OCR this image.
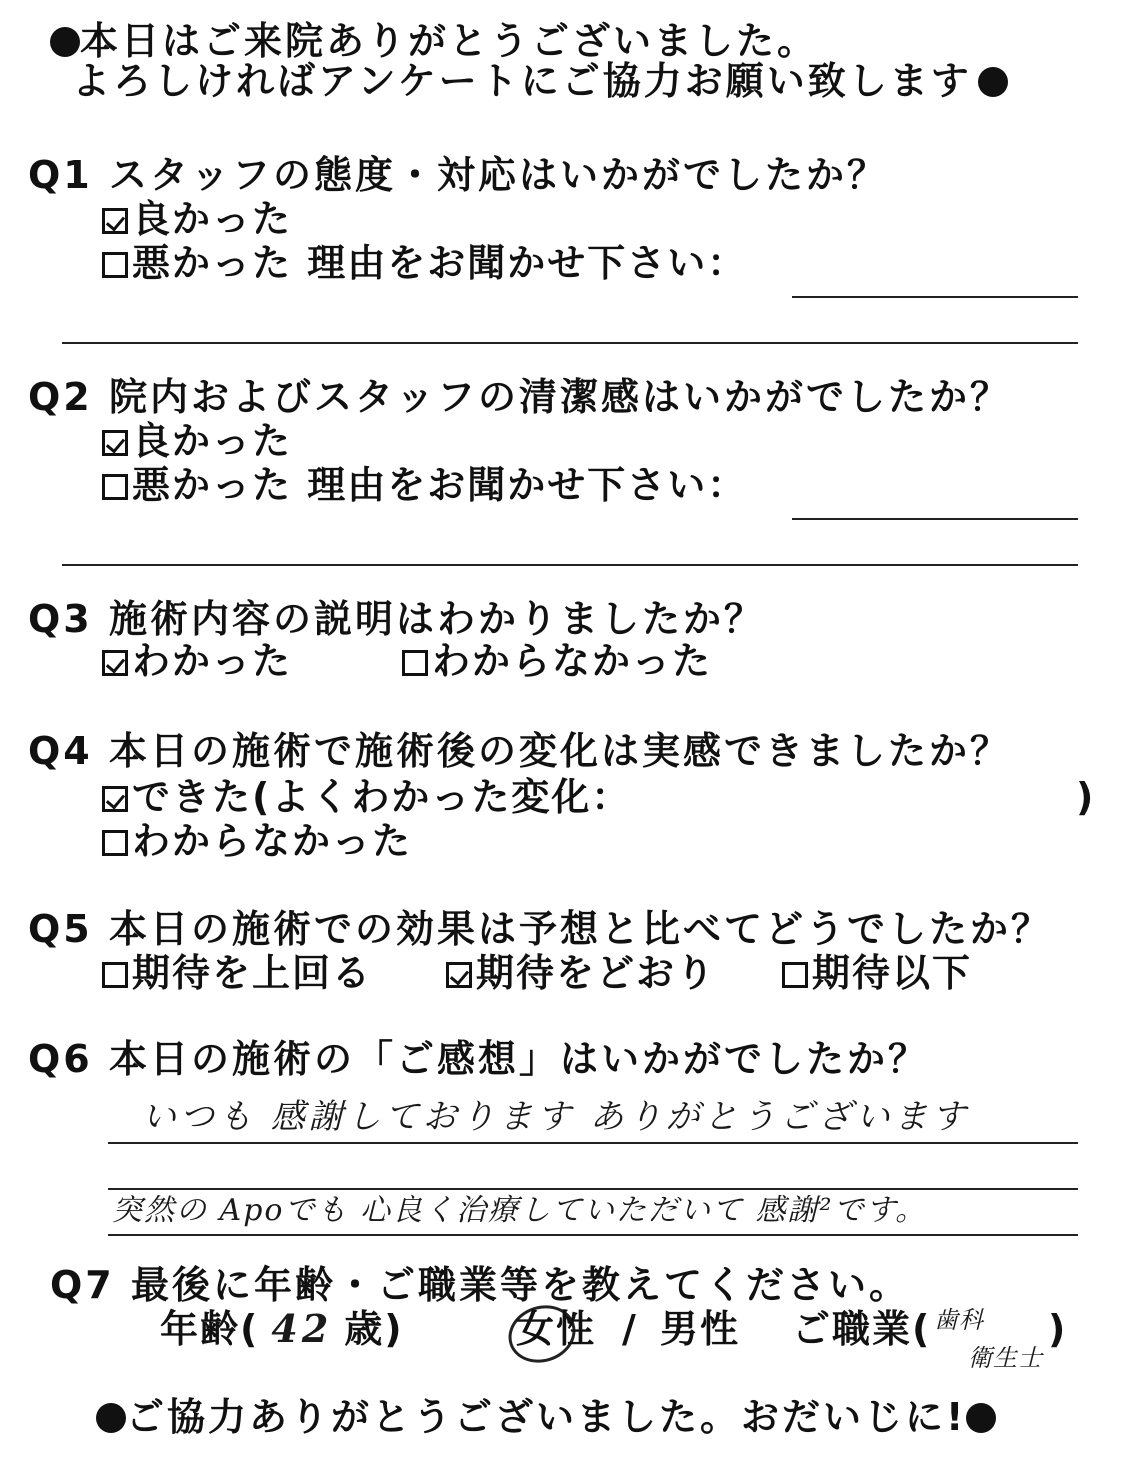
本日はご来院ありがとうございました。
よろしければアンケートにご協力お願い致します
Q1 スタッフの態度・対応はいかがでしたか？
良かった
悪かった 理由をお聞かせ下さい：
Q2 院内およびスタッフの清潔感はいかがでしたか？
良かった
悪かった 理由をお聞かせ下さい：
Q3 施術内容の説明はわかりましたか？
わかった	わからなかった
Q4 本日の施術で施術後の変化は実感できましたか？
できた(よくわかった変化：	)
わからなかった
Q5 本日の施術での効果は予想と比べてどうでしたか？
期待を上回る	期待をどおり	期待以下
Q6 本日の施術の「ご感想」はいかがでしたか？
いつも 感謝しております ありがとうございます
突然の Apoでも 心良く治療していただいて 感謝²です。
Q7 最後に年齢・ご職業等を教えてください。
年齢( 42 歳)	女性 / 男性 ご職業( 歯科
衛生士
)
ご協力ありがとうございました。おだいじに!
